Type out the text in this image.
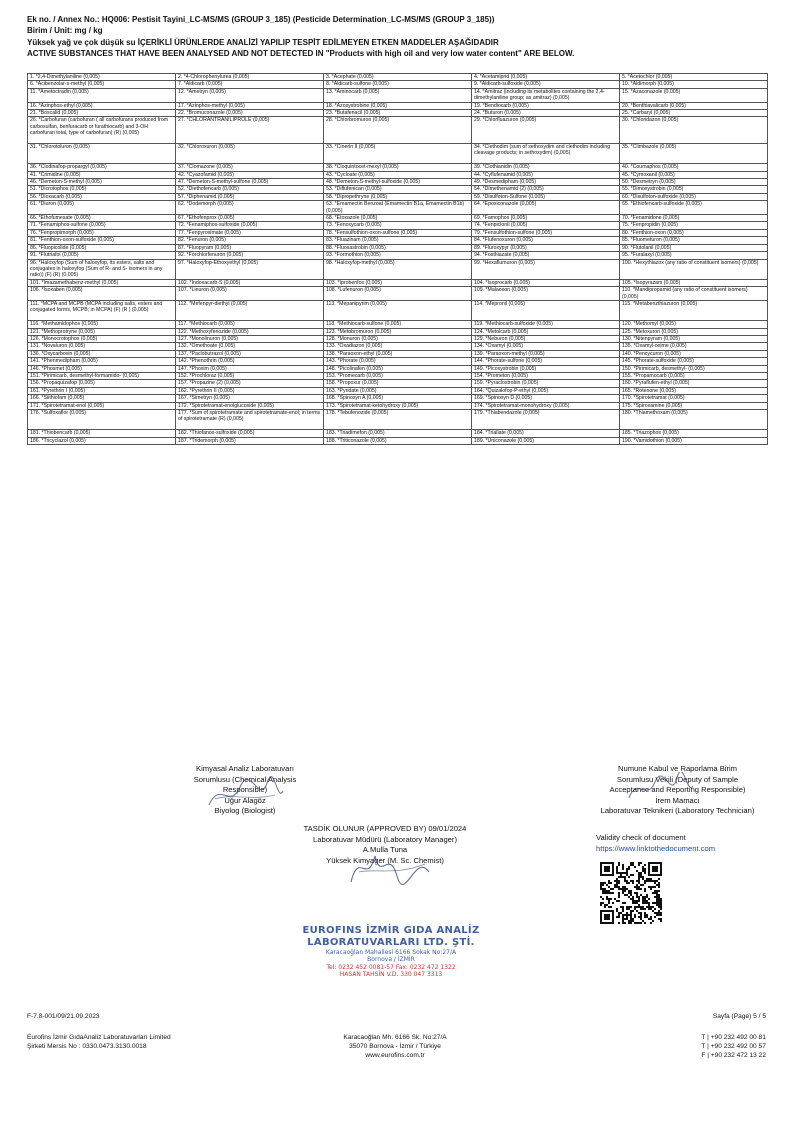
Ek no. / Annex No.: HQ006: Pestisit Tayini_LC-MS/MS (GROUP 3_185) (Pesticide Determination_LC-MS/MS (GROUP 3_185))
Birim / Unit: mg / kg
Yüksek yağ ve çok düşük su İÇERİKLİ ÜRÜNLERDE ANALİZİ YAPILIP TESPİT EDİLMEYEN ETKEN MADDELER AŞAĞIDADIR
ACTIVE SUBSTANCES THAT HAVE BEEN ANALYSED AND NOT DETECTED IN "Products with high oil and very low water content" ARE BELOW.
1. *2,4-Dimethylaniline (0,005)	2. *4-Chlorophenylurea (0,005)	3. *Acephate (0,005)	4. *Acetamiprid (0,005)	5. *Acetochlor (0,005)
6. *Acibenzolar-s-methyl (0,005)	7. *Aldicarb (0,005)	8. *Aldicarb-sulfone (0,005)	9. *Aldicarb-sulfoxide (0,005)	10. *Aldimorph (0,005)
11. *Ametoctradin (0,005)	12. *Ametryn (0,005)	13. *Aminocarb (0,005)	14. *Amitraz (including its metabolites containing the 2,4-dimethylaniline group; as amitraz) (0,005)	15. *Azaconazole (0,005)
16. *Azinphos-ethyl (0,005)	17. *Azinphos-methyl (0,005)	18. *Azoxystrobine (0,005)	19. *Bendiocarb (0,005)	20. *Benthiavalicarb (0,005)
21. *Boscalid (0,005)	22. *Bromuconazole (0,005)	23. *Butafenacil (0,005)	24. *Buturon (0,005)	25. *Carbaryl (0,005)
26. *Carbofuran (carbofuran ( all carbofurans produced from carbosulfan, benfuracarb or furathiocarb) and 3-OH carbofuran total, type of carbofuran) (R) (0,005)	27. *CHLORANTRANILIPROLE (0,005)	28. *Chlorbromuron (0,005)	29. *Chlorfluazuron (0,005)	30. *Chloridazon (0,005)
31. *Chlorotoluron (0,005)	32. *Chloroxuron (0,005)	33. *Cinerin II (0,005)	34. *Clethodim (sum of sethoxydim and clethodim including cleavage products; in sethoxydim) (0,005)	35. *Climbazole (0,005)
36. *Clodinafop-propargyl (0,005)	37. *Clomazone (0,005)	38. *Cloquintocet-mexyl (0,005)	39. *Clothianidin (0,005)	40. *Coumaphos (0,005)
41. *Crimidine (0,005)	42. *Cyazofamid (0,005)	43. *Cycloate (0,005)	44. *Cyflufenamid (0,005)	45. *Cymoxanil (0,005)
46. *Demeton-S-methyl (0,005)	47. *Demeton-S-methyl-sulfone (0,005)	48. *Demeton-S-methyl-sulfoxide (0,005)	49. *Desmedipham (0,005)	50. *Desmetryn (0,005)
51. *Dicrotophos (0,005)	52. *Diethofencarb (0,005)	53. *Diflufenican (0,005)	54. *Dimethenamid (2) (0,005)	55. *Dimoxystrobin (0,005)
56. *Dioxacarb (0,005)	57. *Diphenamid (0,005)	58. *Dipropethryne (0,005)	59. *Disulfoton-Sulfone (0,005)	60. *Disulfoton-sulfoxide (0,005)
61. *Diuron (0,005)	62. *Dodemorph (0,005)	63. *Emamectin Benzoat (Emamectin B1a, Emamectin B1b) (0,005)	64. *Epoxiconazole (0,005)	65. *Ethiofencarb-sulfoxide (0,005)
66. *Ethofumesate (0,005)	67. *Ethofenprox (0,005)	68. *Etoxazole (0,005)	69. *Famophos (0,005)	70. *Fenamidone (0,005)
71. *Fenamiphos-sulfone (0,005)	72. *Fenamiphos-sulfoxide (0,005)	73. *Fenoxycarb (0,005)	74. *Fenpiclonil (0,005)	75. *Fenpropidin (0,005)
76. *Fenpropimorph (0,005)	77. *Fenpyroximate (0,005)	78. *Fensulfothion-oxon-sulfone (0,005)	79. *Fensulfothion-sulfone (0,005)	80. *Fenthion-oxon (0,005)
81. *Fenthion-oxon-sulfoxide (0,005)	82. *Fenuron (0,005)	83. *Fluazinam (0,005)	84. *Flufenoxuron (0,005)	85. *Fluometuron (0,005)
86. *Fluopicolide (0,005)	87. *Fluopyram (0,005)	88. *Fluoxastrobin (0,005)	89. *Fluroxypyr (0,005)	90. *Flutolanil (0,005)
91. *Flutriafol (0,005)	92. *Forchlorfenuron (0,005)	93. *Formothion (0,005)	94. *Fosthiazate (0,005)	95. *Furalaxyl (0,005)
96. *Haloxyfop (Sum of haloxyfop, its esters, salts and conjugates in haloxyfop (Sum of R- and S- isomers in any ratio)) (F) (R) (0,005)	97. *Haloxyfop-Ethoxyethyl (0,005)	98. *Haloxyfop-methyl (0,005)	99. *Hexaflumuron (0,005)	100. *Hexythiazox (any ratio of constituent isomers) (0,005)
101. *Imazamethabenz-methyl (0,005)	102. *Indoxacarb-S (0,005)	103. *Iprobenfos (0,005)	104. *Isoprocarb (0,005)	105. *Isopyrazam (0,005)
106. *Isoxaben (0,005)	107. *Linuron (0,005)	108. *Lufenuron (0,005)	109. *Malaoxon (0,005)	110. *Mandipropamid (any ratio of constituent isomers) (0,005)
111. *MCPA and MCPB (MCPA including salts, esters and conjugated forms, MCPB; in MCPA) (F) (R ) (0,005)	112. *Mefenpyr-diethyl (0,005)	113. *Mepanipyrim (0,005)	114. *Mepronil (0,005)	115. *Metabenzthiazuron (0,005)
116. *Methamidophos (0,005)	117. *Methiocarb (0,005)	118. *Methiocarb-sulfone (0,005)	119. *Methiocarb-sulfoxide (0,005)	120. *Methomyl (0,005)
121. *Methoprotryne (0,005)	122. *Methoxyfenozide (0,005)	123. *Metobromuron (0,005)	124. *Metolcarb (0,005)	125. *Metoxuron (0,005)
126. *Monocrotophos (0,005)	127. *Monolinuron (0,005)	128. *Monuron (0,005)	129. *Neburon (0,005)	130. *Nitenpyram (0,005)
131. *Novaluron (0,005)	132. *Omethoate (0,005)	133. *Oxadiazon (0,005)	134. *Oxamyl (0,005)	135. *Oxamyl-oxime (0,005)
136. *Oxycarboxin (0,005)	137. *Paclobutrazol (0,005)	138. *Paraoxon-ethyl (0,005)	139. *Paraoxon-methyl (0,005)	140. *Pencycuron (0,005)
141. *Phenmedipham (0,005)	142. *Phenothrin (0,005)	143. *Phorate (0,005)	144. *Phorate-sulfone (0,005)	145. *Phorate-sulfoxide (0,005)
146. *Phosmet (0,005)	147. *Phoxim (0,005)	148. *Picolinafen (0,005)	149. *Picoxystrobin (0,005)	150. *Pirimicarb, desmethyl- (0,005)
151. *Pirimicarb, desmethyl-formamido- (0,005)	152. *Prochloraz (0,005)	153. *Promecarb (0,005)	154. *Prometon (0,005)	155. *Propamocarb (0,005)
156. *Propaquizafop (0,005)	157. *Propazine (2) (0,005)	158. *Propoxur (0,005)	159. *Pyraclostrobin (0,005)	160. *Pyraflufen-ethyl (0,005)
161. *Pyrethrin I (0,005)	162. *Pyrethrin II (0,005)	163. *Pyridate (0,005)	164. *Quizalofop-P-ethyl (0,005)	165. *Rotenone (0,005)
166. *Siithiofam (0,005)	167. *Simetryn (0,005)	168. *Spinosyn A (0,005)	169. *Spinosyn D (0,005)	170. *Spirotetramat (0,005)
171. *Spirotetramat-enol (0,005)	172. *Spirotetramat-enolglucoside (0,005)	173. *Spirotetramat-ketohydroxy (0,005)	174. *Spirotetramat-monohydroxy (0,005)	175. *Spiroxamine (0,005)
176. *Sulfoxaflor (0,005)	177. *Sum of spirotetramate and spirotetramate-enol; in terms of spirotetramate (R) (0,005)	178. *Tebufenozide (0,005)	179. *Thiabendazole (0,005)	180. *Thiamethoxam (0,005)
181. *Thiobencarb (0,005)	182. *Thiofanox-sulfoxide (0,005)	183. *Triadimefon (0,005)	184. *Triallate (0,005)	185. *Triazophos (0,005)
186. *Tricyclazol (0,005)	187. *Tridemorph (0,005)	188. *Triticonazole (0,005)	189. *Uniconazole (0,005)	190. *Vamidothion (0,005)
Kimyasal Analiz Laboratuvarı
Sorumlusu (Chemical Analysis
Responsible)
Uğur Alagöz
Biyolog (Biologist)
Numune Kabul ve Raporlama Birim
Sorumlusu Vekili (Deputy of Sample
Acceptance and Reporting Responsible)
İrem Mamacı
Laboratuvar Teknikeri (Laboratory Technician)
TASDİK OLUNUR (APPROVED BY) 09/01/2024
Laboratuvar Müdürü (Laboratory Manager)
A.Mulla Tuna
Yüksek Kimyager (M. Sc. Chemist)
Validity check of document
https://www.linktothedocument.com
EUROFINS İZMİR GIDA ANALİZ
LABORATUVARLARI LTD. ŞTİ.
Karacaoğlan Mahallesi 6166 Sokak No:27/A
Bornova / İZMİR
Tel: 0232 452 0081-57 Fax: 0232 472 1322
HASAN TAHSİN V.D. 330 047 3313
F-7.8-001/09/21.09.2023	Sayfa (Page) 5 / 5
Eurofins İzmir GıdaAnaliz Laboratuvarları Limited
Şirketi Mersis No : 0330.0473.3130.0018
Karacaoğlan Mh. 6166 Sk. No:27/A
35070 Bornova - İzmir / Türkiye
www.eurofins.com.tr
T | +90 232 492 00 81
T | +90 232 492 00 57
F | +90 232 472 13 22
